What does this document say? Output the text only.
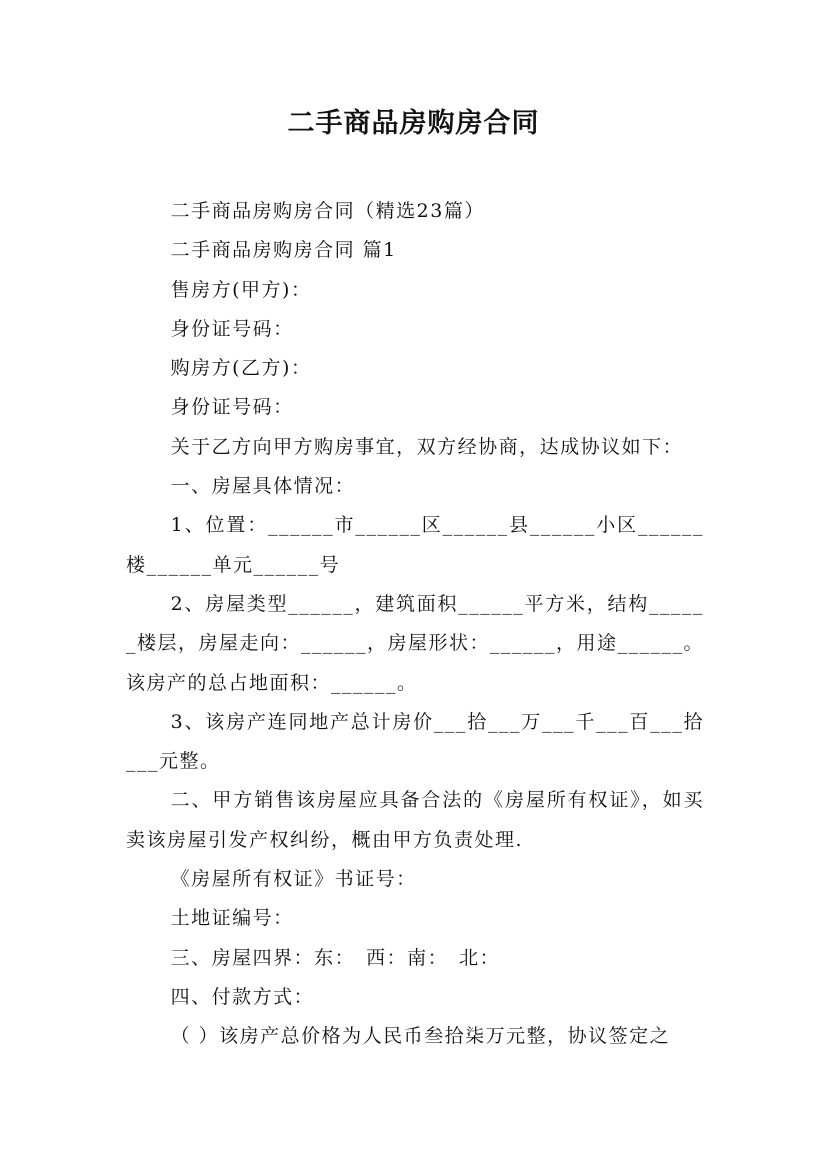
二手商品房购房合同

二手商品房购房合同（精选23篇）

二手商品房购房合同 篇1

售房方(甲方)：

身份证号码：

购房方(乙方)：

身份证号码：

关于乙方向甲方购房事宜，双方经协商，达成协议如下：

一、房屋具体情况：

1、位置：______市______区______县______小区______楼______单元______号

2、房屋类型______，建筑面积______平方米，结构______楼层，房屋走向：______，房屋形状：______，用途______。该房产的总占地面积：______。

3、该房产连同地产总计房价___拾___万___千___百___拾___元整。

二、甲方销售该房屋应具备合法的《房屋所有权证》，如买卖该房屋引发产权纠纷，概由甲方负责处理.

《房屋所有权证》书证号：

土地证编号：

三、房屋四界：东：　西：南：　北：

四、付款方式：

（ ）该房产总价格为人民币叁拾柒万元整，协议签定之
